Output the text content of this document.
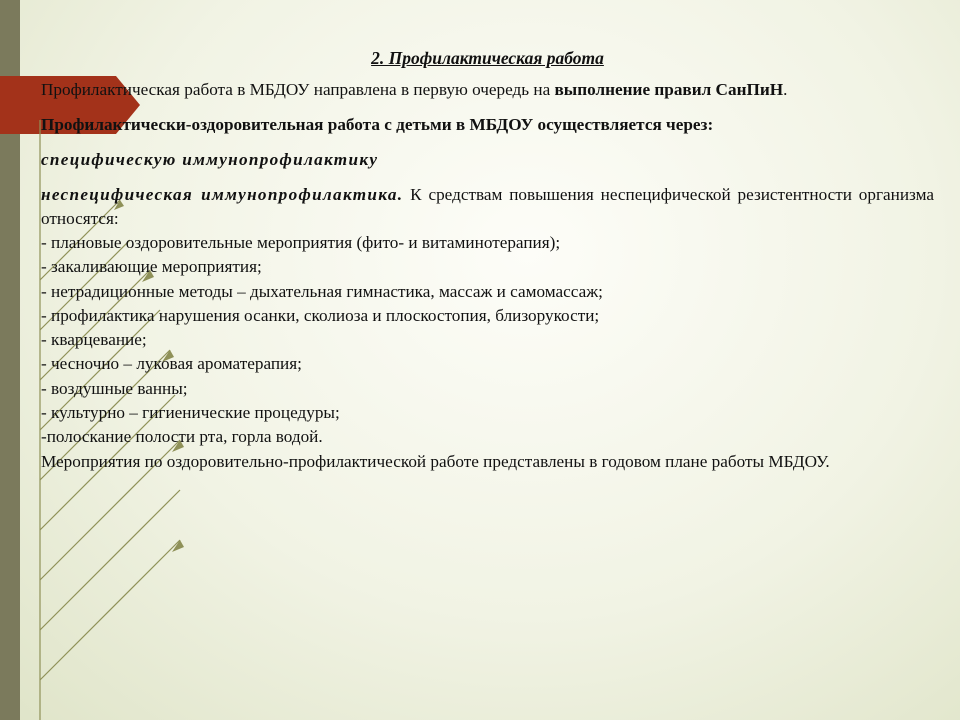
2. Профилактическая работа

Профилактическая работа в МБДОУ направлена в первую очередь на выполнение правил СанПиН.

Профилактически-оздоровительная работа с детьми в МБДОУ осуществляется через:

специфическую иммунопрофилактику

неспецифическая иммунопрофилактика. К средствам повышения неспецифической резистентности организма относятся:

- плановые оздоровительные мероприятия (фито- и витаминотерапия);
- закаливающие мероприятия;
- нетрадиционные методы – дыхательная гимнастика, массаж и самомассаж;
- профилактика нарушения осанки, сколиоза и плоскостопия, близорукости;
- кварцевание;
- чесночно – луковая ароматерапия;
- воздушные ванны;
- культурно – гигиенические процедуры;
-полоскание полости рта, горла водой.

Мероприятия по оздоровительно-профилактической работе представлены в годовом плане работы МБДОУ.
